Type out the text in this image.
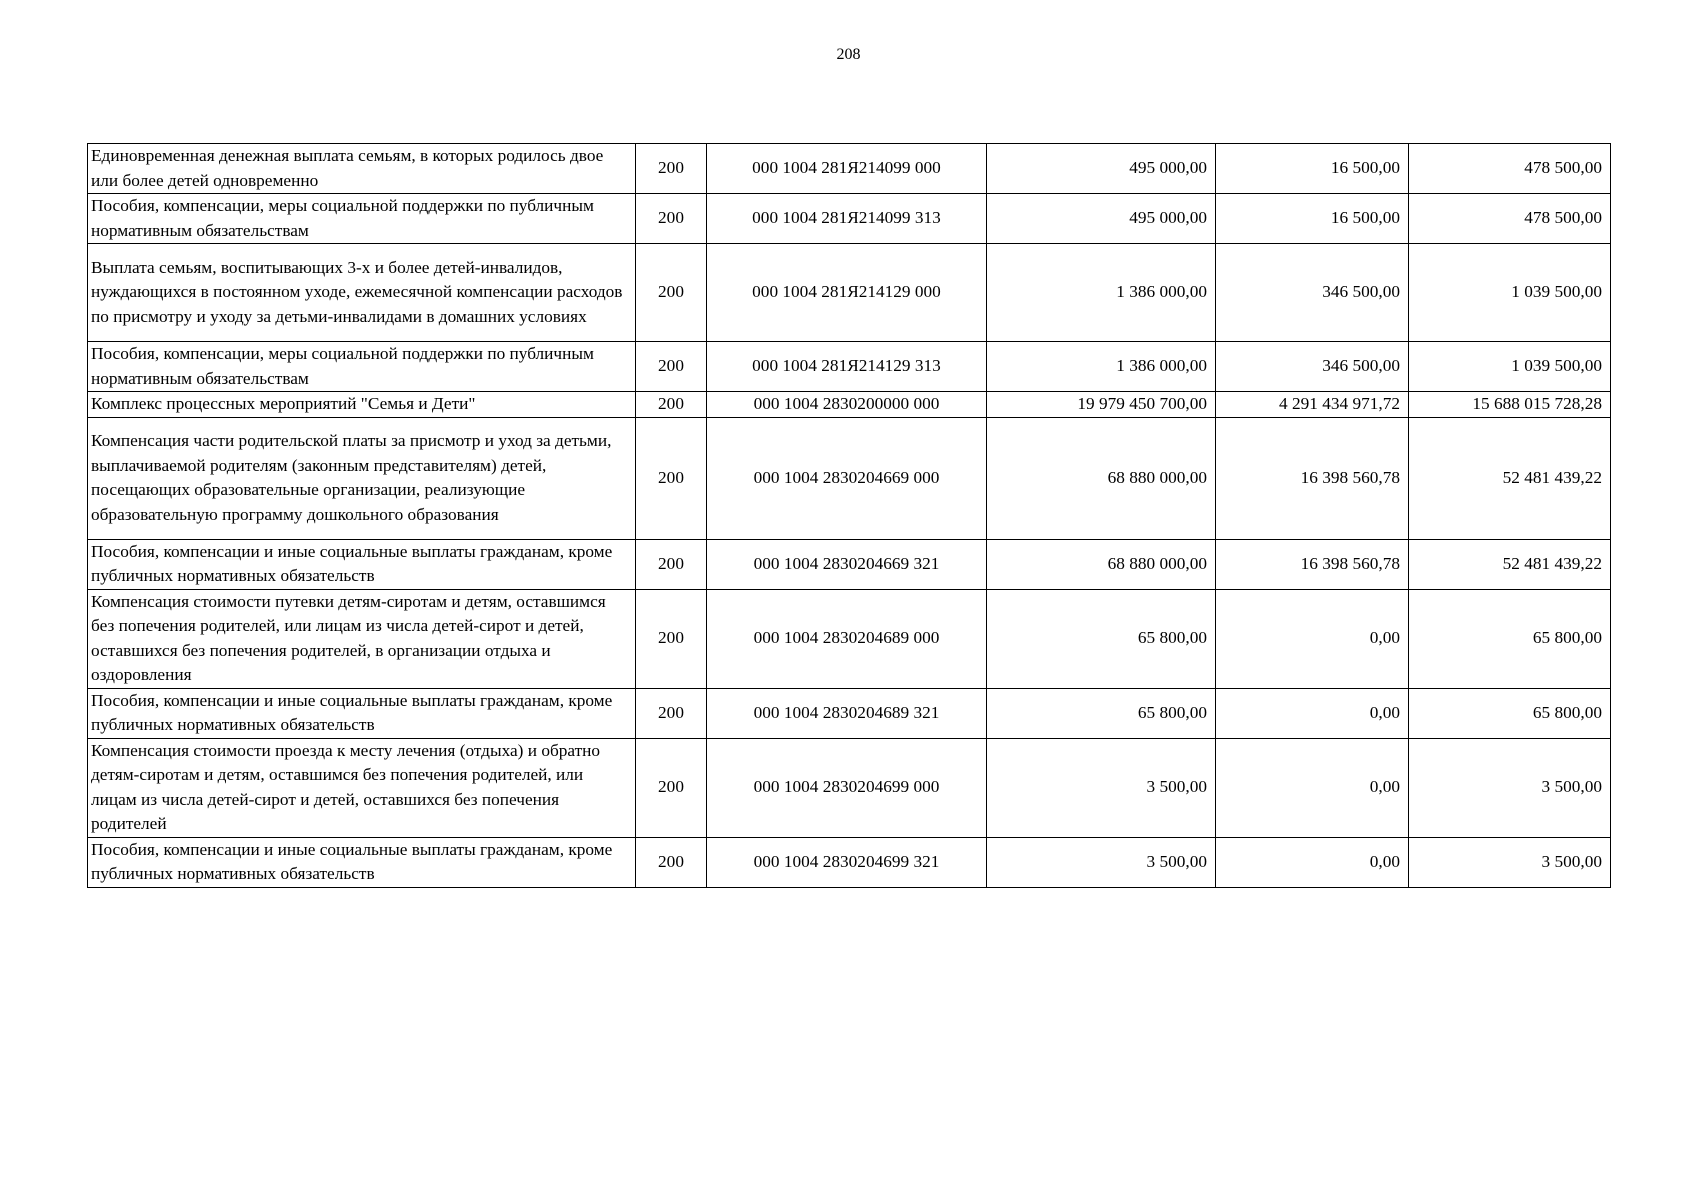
208
Единовременная денежная выплата семьям, в которых родилось двое или более детей одновременно	200	000 1004 281Я214099 000	495 000,00	16 500,00	478 500,00
Пособия, компенсации, меры социальной поддержки по публичным нормативным обязательствам	200	000 1004 281Я214099 313	495 000,00	16 500,00	478 500,00
Выплата семьям, воспитывающих 3-х и более детей-инвалидов, нуждающихся в постоянном уходе, ежемесячной компенсации расходов по присмотру и уходу за детьми-инвалидами в домашних условиях	200	000 1004 281Я214129 000	1 386 000,00	346 500,00	1 039 500,00
Пособия, компенсации, меры социальной поддержки по публичным нормативным обязательствам	200	000 1004 281Я214129 313	1 386 000,00	346 500,00	1 039 500,00
Комплекс процессных мероприятий "Семья и Дети"	200	000 1004 2830200000 000	19 979 450 700,00	4 291 434 971,72	15 688 015 728,28
Компенсация части родительской платы за присмотр и уход за детьми, выплачиваемой родителям (законным представителям) детей, посещающих образовательные организации, реализующие образовательную программу дошкольного образования	200	000 1004 2830204669 000	68 880 000,00	16 398 560,78	52 481 439,22
Пособия, компенсации и иные социальные выплаты гражданам, кроме публичных нормативных обязательств	200	000 1004 2830204669 321	68 880 000,00	16 398 560,78	52 481 439,22
Компенсация стоимости путевки детям-сиротам и детям, оставшимся без попечения родителей, или лицам из числа детей-сирот и детей, оставшихся без попечения родителей, в организации отдыха и оздоровления	200	000 1004 2830204689 000	65 800,00	0,00	65 800,00
Пособия, компенсации и иные социальные выплаты гражданам, кроме публичных нормативных обязательств	200	000 1004 2830204689 321	65 800,00	0,00	65 800,00
Компенсация стоимости проезда к месту лечения (отдыха) и обратно детям-сиротам и детям, оставшимся без попечения родителей, или лицам из числа детей-сирот и детей, оставшихся без попечения родителей	200	000 1004 2830204699 000	3 500,00	0,00	3 500,00
Пособия, компенсации и иные социальные выплаты гражданам, кроме публичных нормативных обязательств	200	000 1004 2830204699 321	3 500,00	0,00	3 500,00
